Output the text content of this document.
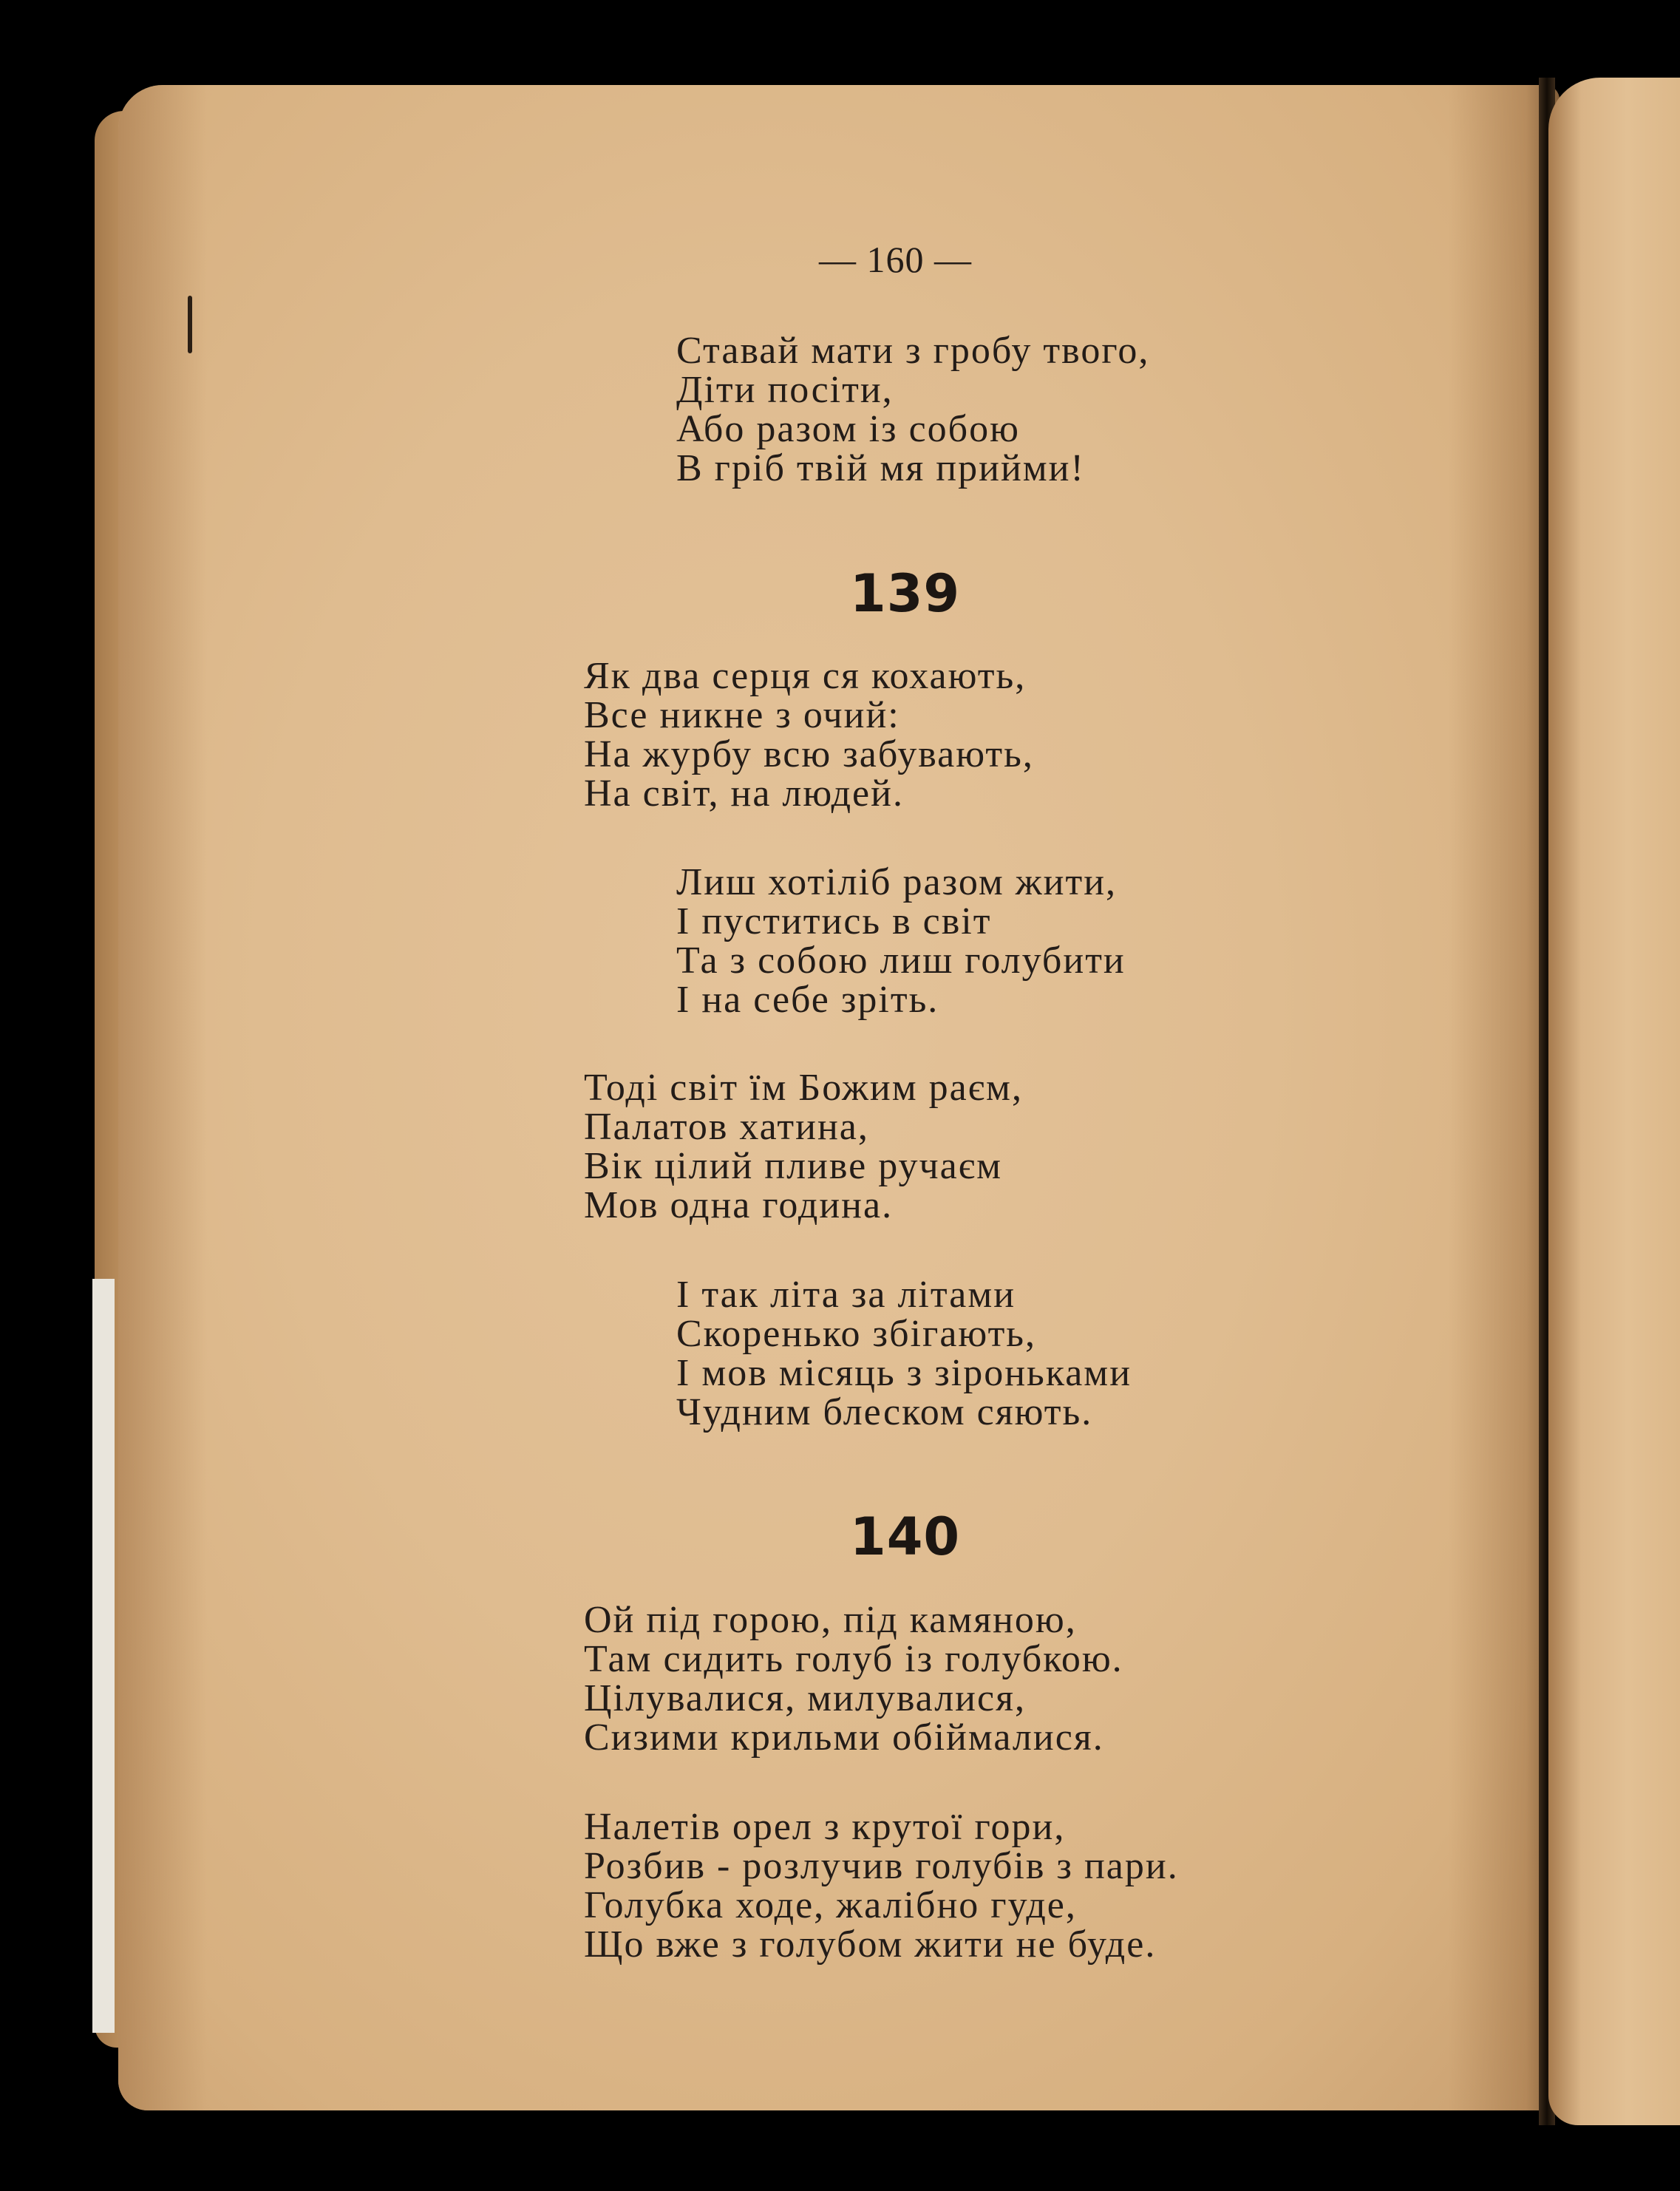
— 160 —
Ставай мати з гробу твого,
Діти посіти,
Або разом із собою
В гріб твій мя прийми!
139
Як два серця ся кохають,
Все никне з очий:
На журбу всю забувають,
На світ, на людей.
Лиш хотіліб разом жити,
І пуститись в світ
Та з собою лиш голубити
І на себе зріть.
Тоді світ їм Божим раєм,
Палатов хатина,
Вік цілий пливе ручаєм
Мов одна година.
І так літа за літами
Скоренько збігають,
І мов місяць з зіроньками
Чудним блеском сяють.
140
Ой під горою, під камяною,
Там сидить голуб із голубкою.
Цілувалися, милувалися,
Сизими крильми обіймалися.
Налетів орел з крутої гори,
Розбив - розлучив голубів з пари.
Голубка ходе, жалібно гуде,
Що вже з голубом жити не буде.
